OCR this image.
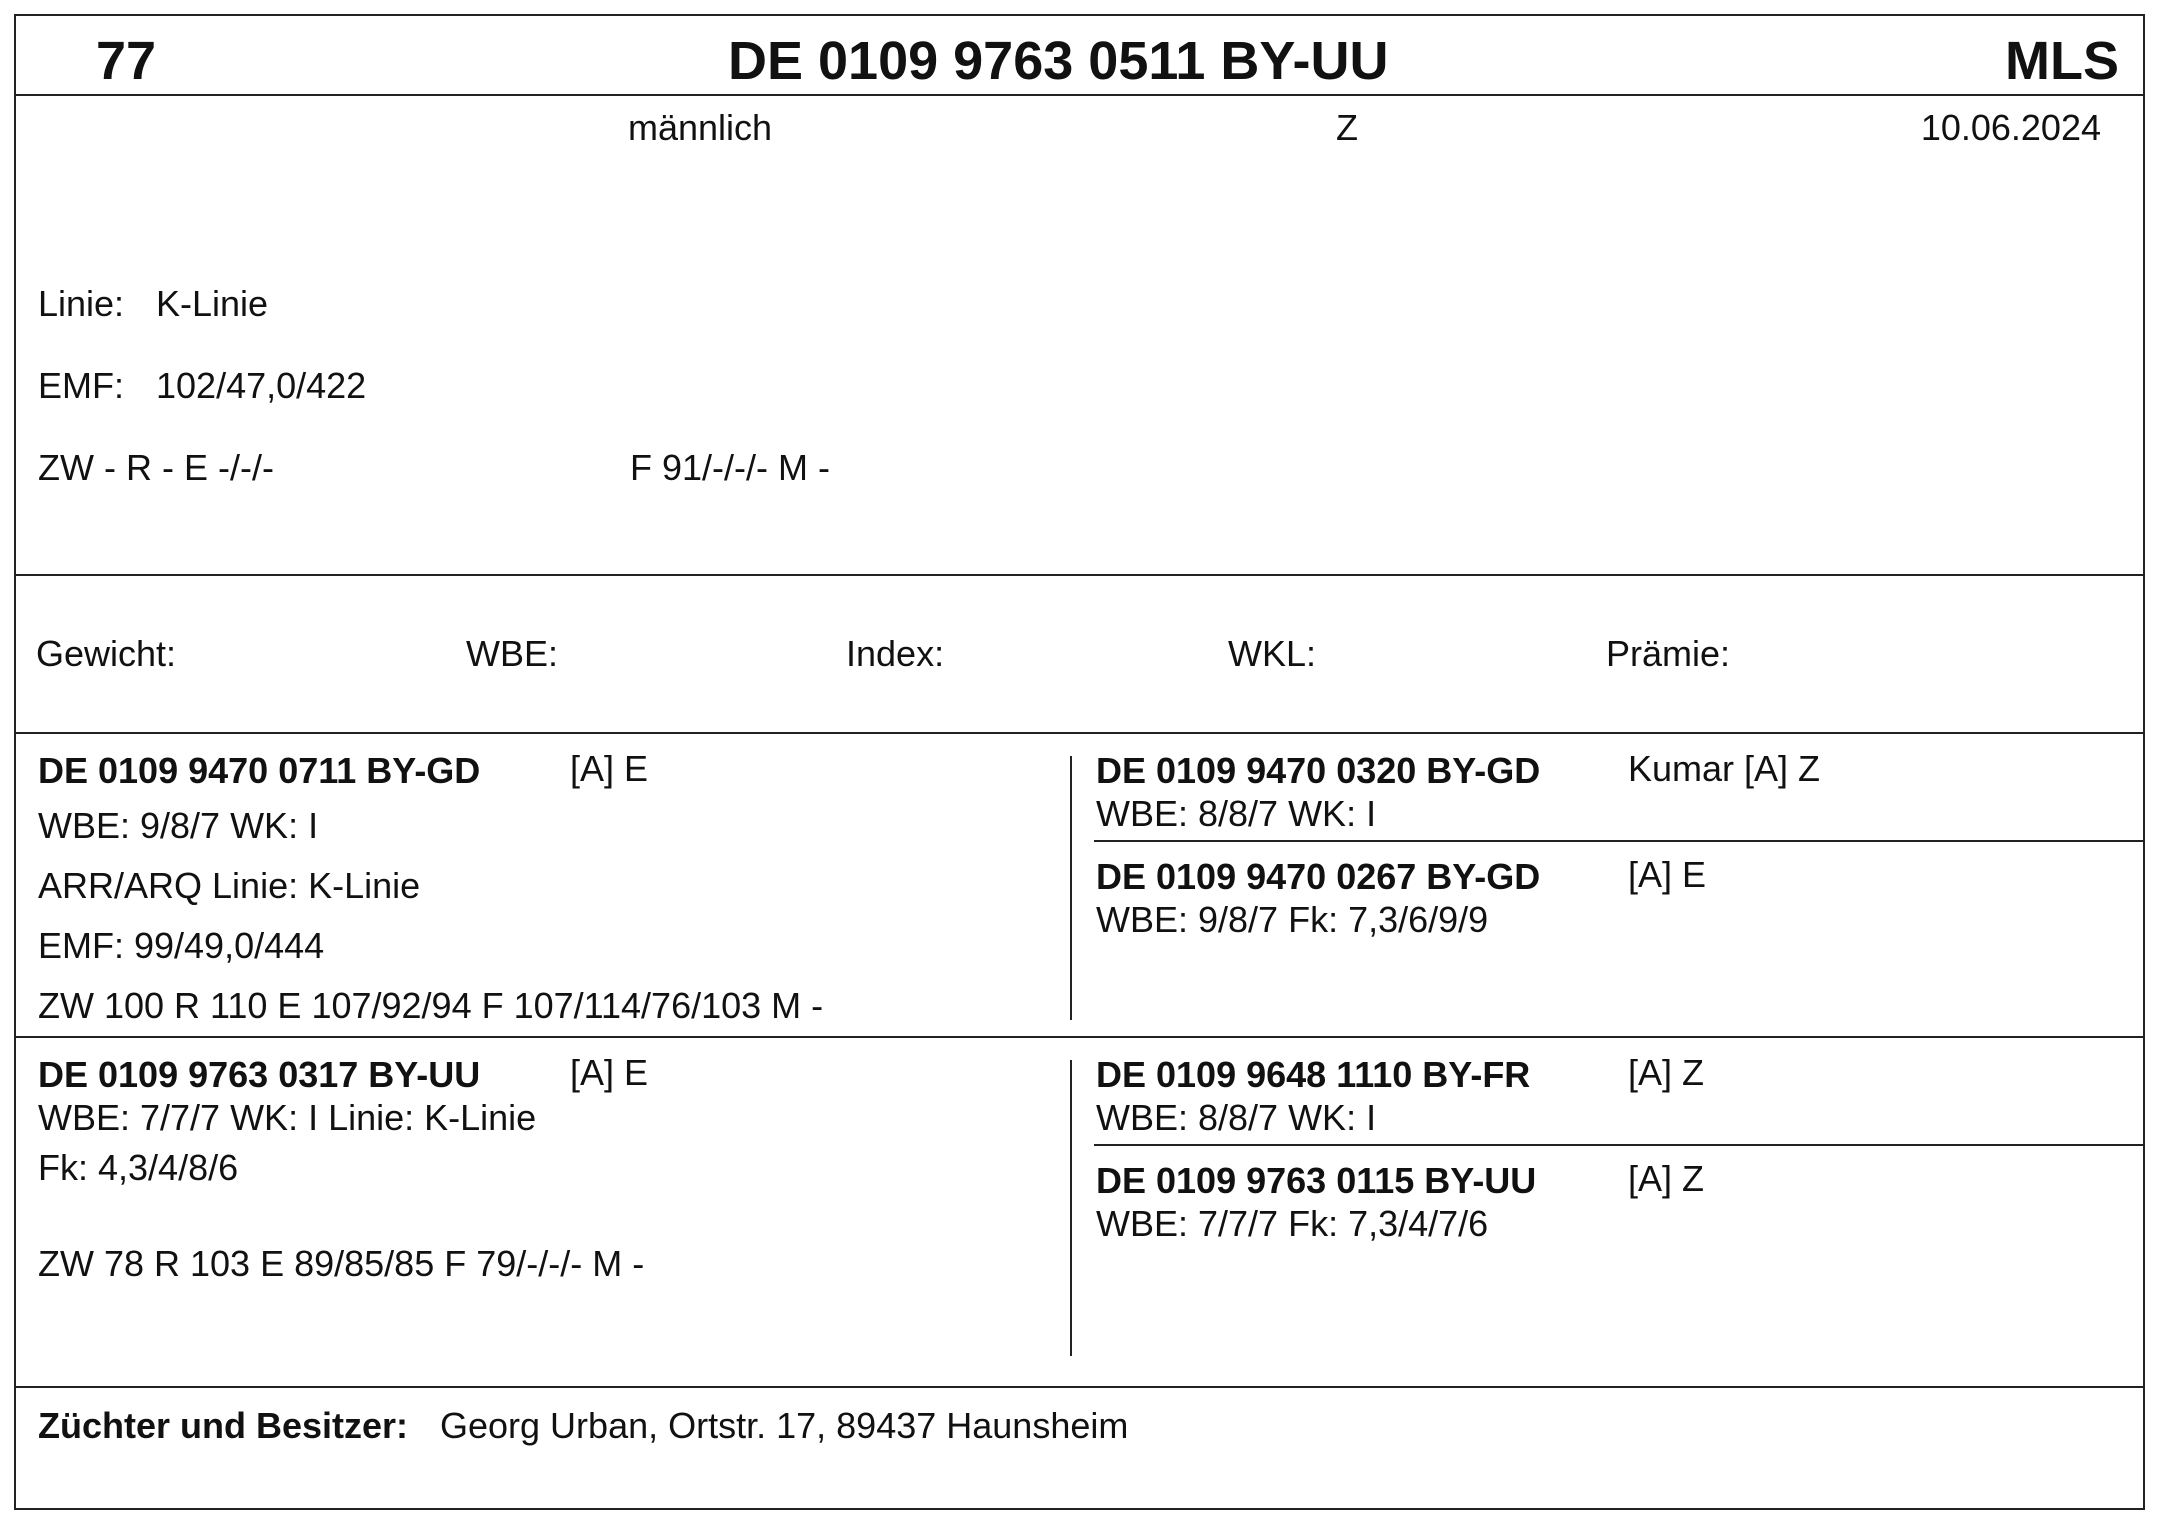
77	DE 0109 9763 0511 BY-UU	MLS
männlich	Z	10.06.2024
Linie: K-Linie
EMF: 102/47,0/422
ZW - R - E -/-/-	F 91/-/-/- M -
Gewicht:	WBE:	Index:	WKL:	Prämie:
DE 0109 9470 0711 BY-GD [A] E
WBE: 9/8/7 WK: I
ARR/ARQ Linie: K-Linie
EMF: 99/49,0/444
ZW 100 R 110 E 107/92/94 F 107/114/76/103 M -
DE 0109 9470 0320 BY-GD Kumar [A] Z
WBE: 8/8/7 WK: I
DE 0109 9470 0267 BY-GD [A] E
WBE: 9/8/7 Fk: 7,3/6/9/9
DE 0109 9763 0317 BY-UU [A] E
WBE: 7/7/7 WK: I Linie: K-Linie
Fk: 4,3/4/8/6
ZW 78 R 103 E 89/85/85 F 79/-/-/- M -
DE 0109 9648 1110 BY-FR	[A] Z
WBE: 8/8/7 WK: I
DE 0109 9763 0115 BY-UU	[A] Z
WBE: 7/7/7 Fk: 7,3/4/7/6
Züchter und Besitzer: Georg Urban, Ortstr. 17, 89437 Haunsheim
